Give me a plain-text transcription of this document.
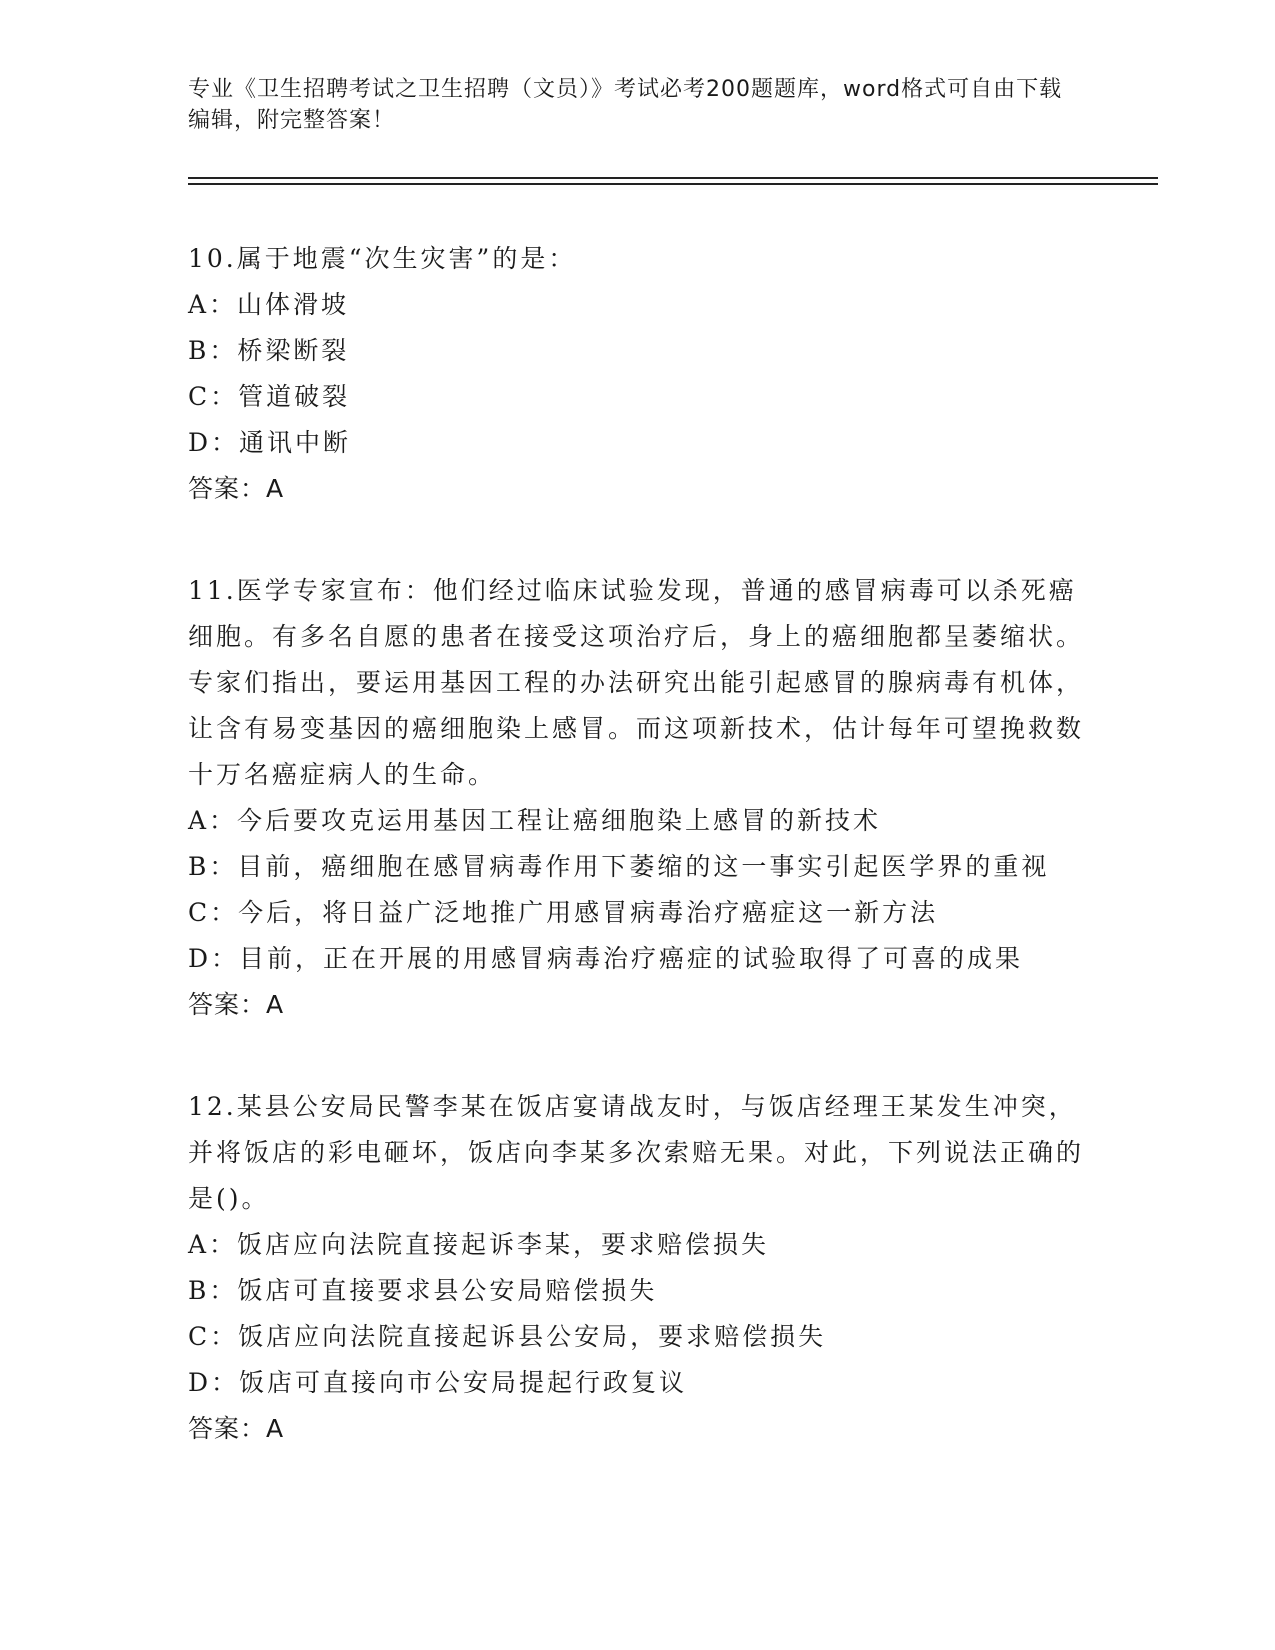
专业《卫生招聘考试之卫生招聘（文员）》考试必考200题题库，word格式可自由下载编辑，附完整答案！

10.属于地震“次生灾害”的是：

A：山体滑坡

B：桥梁断裂

C：管道破裂

D：通讯中断

答案：A

11.医学专家宣布：他们经过临床试验发现，普通的感冒病毒可以杀死癌细胞。有多名自愿的患者在接受这项治疗后，身上的癌细胞都呈萎缩状。专家们指出，要运用基因工程的办法研究出能引起感冒的腺病毒有机体，让含有易变基因的癌细胞染上感冒。而这项新技术，估计每年可望挽救数十万名癌症病人的生命。

A：今后要攻克运用基因工程让癌细胞染上感冒的新技术

B：目前，癌细胞在感冒病毒作用下萎缩的这一事实引起医学界的重视

C：今后，将日益广泛地推广用感冒病毒治疗癌症这一新方法

D：目前，正在开展的用感冒病毒治疗癌症的试验取得了可喜的成果

答案：A

12.某县公安局民警李某在饭店宴请战友时，与饭店经理王某发生冲突，并将饭店的彩电砸坏，饭店向李某多次索赔无果。对此，下列说法正确的是()。

A：饭店应向法院直接起诉李某，要求赔偿损失

B：饭店可直接要求县公安局赔偿损失

C：饭店应向法院直接起诉县公安局，要求赔偿损失

D：饭店可直接向市公安局提起行政复议

答案：A
